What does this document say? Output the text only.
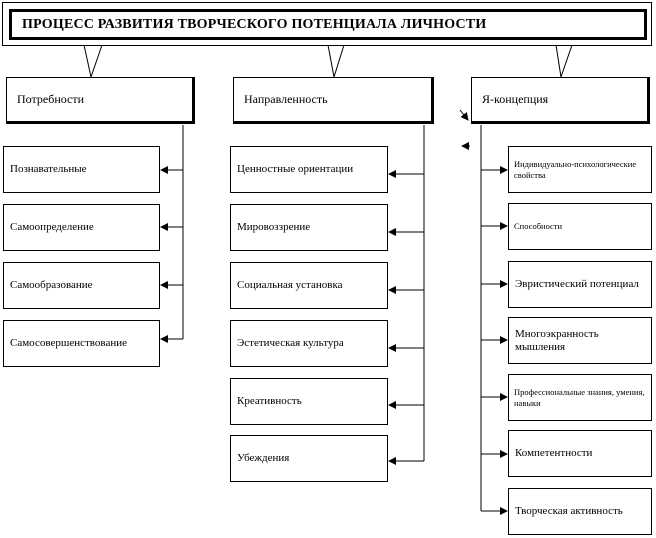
ПРОЦЕСС РАЗВИТИЯ ТВОРЧЕСКОГО ПОТЕНЦИАЛА ЛИЧНОСТИ
Потребности
Познавательные
Самоопределение
Самообразование
Самосовершенствование
Направленность
Ценностные ориентации
Мировоззрение
Социальная установка
Эстетическая культура
Креативность
Убеждения
Я-концепция
Индивидуально-психологические свойства
Способности
Эвристический потенциал
Многоэкранность мышления
Профессиональные знания, умения, навыки
Компетентности
Творческая активность
